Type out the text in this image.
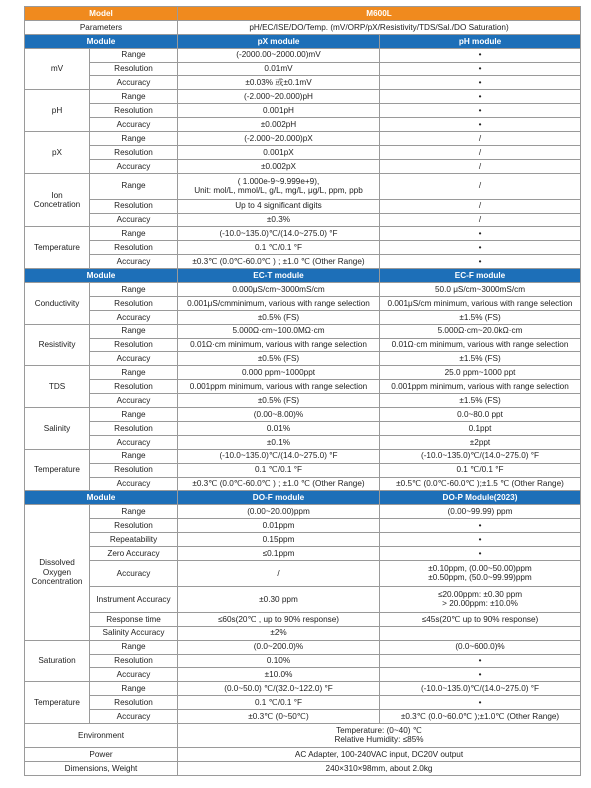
Model		M600L	
Parameters		pH/EC/ISE/DO/Temp. (mV/ORP/pX/Resistivity/TDS/Sal./DO Saturation)	
Module		pX module	pH module
mV	Range	(-2000.00~2000.00)mV	•

	Resolution	0.01mV	•

	Accuracy	±0.03% 或±0.1mV	•

pH	Range	(-2.000~20.000)pH	•

	Resolution	0.001pH	•

	Accuracy	±0.002pH	•

pX	Range	(-2.000~20.000)pX	/

	Resolution	0.001pX	/

	Accuracy	±0.002pX	/

Ion Concetration	Range	( 1.000e-9~9.999e+9),
Unit: mol/L, mmol/L, g/L, mg/L, μg/L, ppm, ppb	/

	Resolution	Up to 4 significant digits	/

	Accuracy	±0.3%	/

Temperature	Range	(-10.0~135.0)℃/(14.0~275.0) °F	•

	Resolution	0.1 ℃/0.1 °F	•

	Accuracy	±0.3℃ (0.0℃-60.0℃ ) ; ±1.0 ℃ (Other Range)	•

Module		EC-T module	EC-F module
Conductivity	Range	0.000μS/cm~3000mS/cm	50.0 μS/cm~3000mS/cm

	Resolution	0.001μS/cmminimum, various with range selection	0.001μS/cm minimum, various with range selection

	Accuracy	±0.5% (FS)	±1.5% (FS)

Resistivity	Range	5.000Ω·cm~100.0MΩ·cm	5.000Ω·cm~20.0kΩ·cm

	Resolution	0.01Ω·cm minimum, various with range selection	0.01Ω·cm minimum, various with range selection

	Accuracy	±0.5% (FS)	±1.5% (FS)

TDS	Range	0.000 ppm~1000ppt	25.0 ppm~1000 ppt

	Resolution	0.001ppm minimum, various with range selection	0.001ppm minimum, various with range selection

	Accuracy	±0.5% (FS)	±1.5% (FS)

Salinity	Range	(0.00~8.00)%	0.0~80.0 ppt

	Resolution	0.01%	0.1ppt

	Accuracy	±0.1%	±2ppt

Temperature	Range	(-10.0~135.0)℃/(14.0~275.0) °F	(-10.0~135.0)℃/(14.0~275.0) °F

	Resolution	0.1 ℃/0.1 °F	0.1 ℃/0.1 °F

	Accuracy	±0.3℃ (0.0℃-60.0℃ ) ; ±1.0 ℃ (Other Range)	±0.5℃ (0.0℃-60.0℃ );±1.5 ℃ (Other Range)

Module		DO-F module	DO-P Module(2023)
Dissolved Oxygen Concentration	Range	(0.00~20.00)ppm	(0.00~99.99) ppm

	Resolution	0.01ppm	•

	Repeatability	0.15ppm	•

	Zero Accuracy	≤0.1ppm	•

	Accuracy	/	±0.10ppm, (0.00~50.00)ppm
±0.50ppm, (50.0~99.99)ppm

	Instrument Accuracy	±0.30 ppm	≤20.00ppm: ±0.30 ppm
> 20.00ppm: ±10.0%

	Response time	≤60s(20℃ , up to 90% response)	≤45s(20℃ up to 90% response)

	Salinity Accuracy	±2%	

Saturation	Range	(0.0~200.0)%	(0.0~600.0)%

	Resolution	0.10%	•

	Accuracy	±10.0%	•

Temperature	Range	(0.0~50.0) ℃/(32.0~122.0) °F	(-10.0~135.0)℃/(14.0~275.0) °F

	Resolution	0.1 ℃/0.1 °F	•

	Accuracy	±0.3℃ (0~50℃)	±0.3℃ (0.0~60.0℃ );±1.0℃ (Other Range)

Environment		Temperature: (0~40) ℃
Relative Humidity: ≤85%	

Power		AC Adapter, 100-240VAC input, DC20V output	
Dimensions, Weight		240×310×98mm, about 2.0kg	
